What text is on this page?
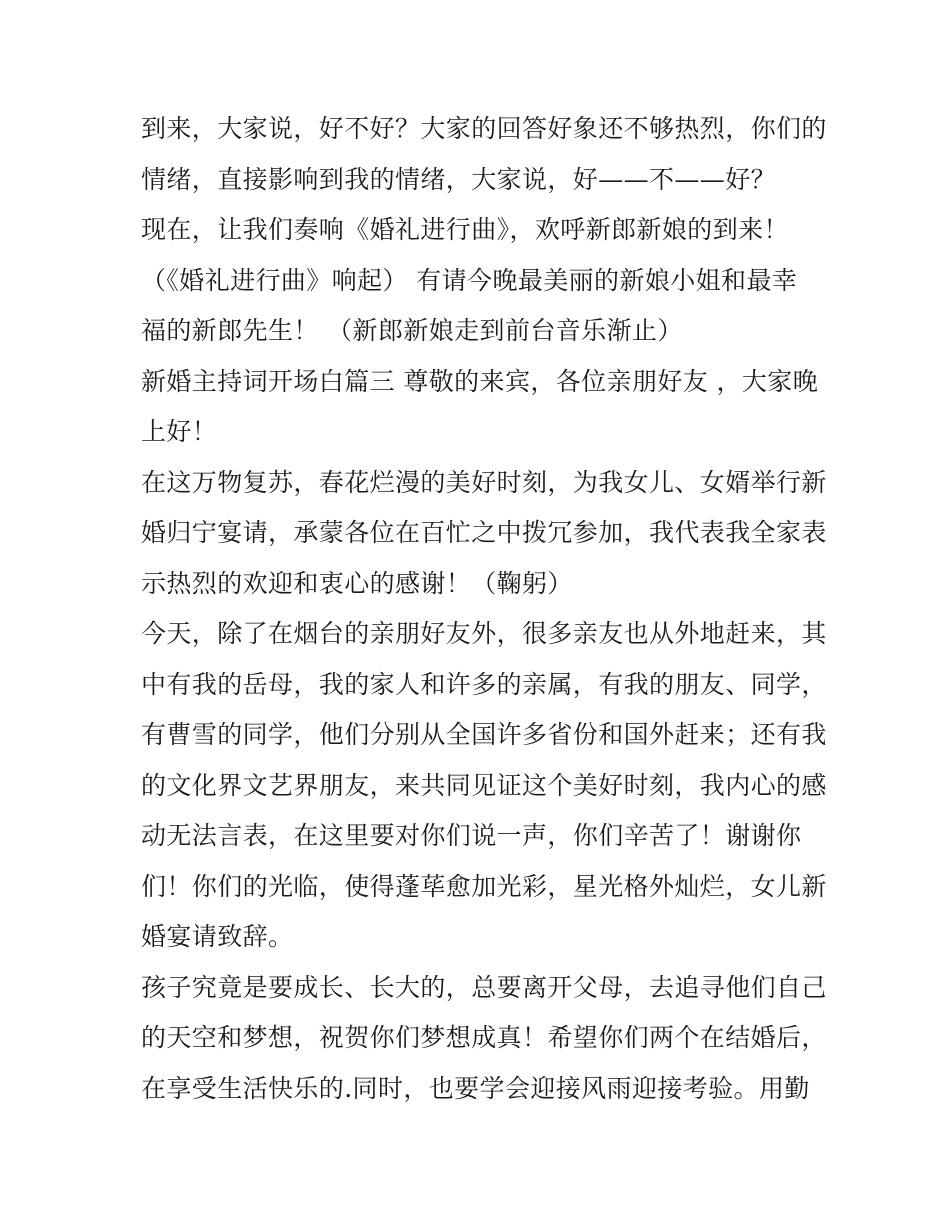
到来，大家说，好不好？大家的回答好象还不够热烈，你们的
情绪，直接影响到我的情绪，大家说，好——不——好？
现在，让我们奏响《婚礼进行曲》，欢呼新郎新娘的到来！
（《婚礼进行曲》响起） 有请今晚最美丽的新娘小姐和最幸
福的新郎先生！ （新郎新娘走到前台音乐渐止）
新婚主持词开场白篇三 尊敬的来宾，各位亲朋好友 ，大家晚
上好！
在这万物复苏，春花烂漫的美好时刻，为我女儿、女婿举行新
婚归宁宴请，承蒙各位在百忙之中拨冗参加，我代表我全家表
示热烈的欢迎和衷心的感谢！（鞠躬）
今天，除了在烟台的亲朋好友外，很多亲友也从外地赶来，其
中有我的岳母，我的家人和许多的亲属，有我的朋友、同学，
有曹雪的同学，他们分别从全国许多省份和国外赶来；还有我
的文化界文艺界朋友，来共同见证这个美好时刻，我内心的感
动无法言表，在这里要对你们说一声，你们辛苦了！谢谢你
们！你们的光临，使得蓬荜愈加光彩，星光格外灿烂，女儿新
婚宴请致辞。
孩子究竟是要成长、长大的，总要离开父母，去追寻他们自己
的天空和梦想，祝贺你们梦想成真！希望你们两个在结婚后，
在享受生活快乐的.同时，也要学会迎接风雨迎接考验。用勤
